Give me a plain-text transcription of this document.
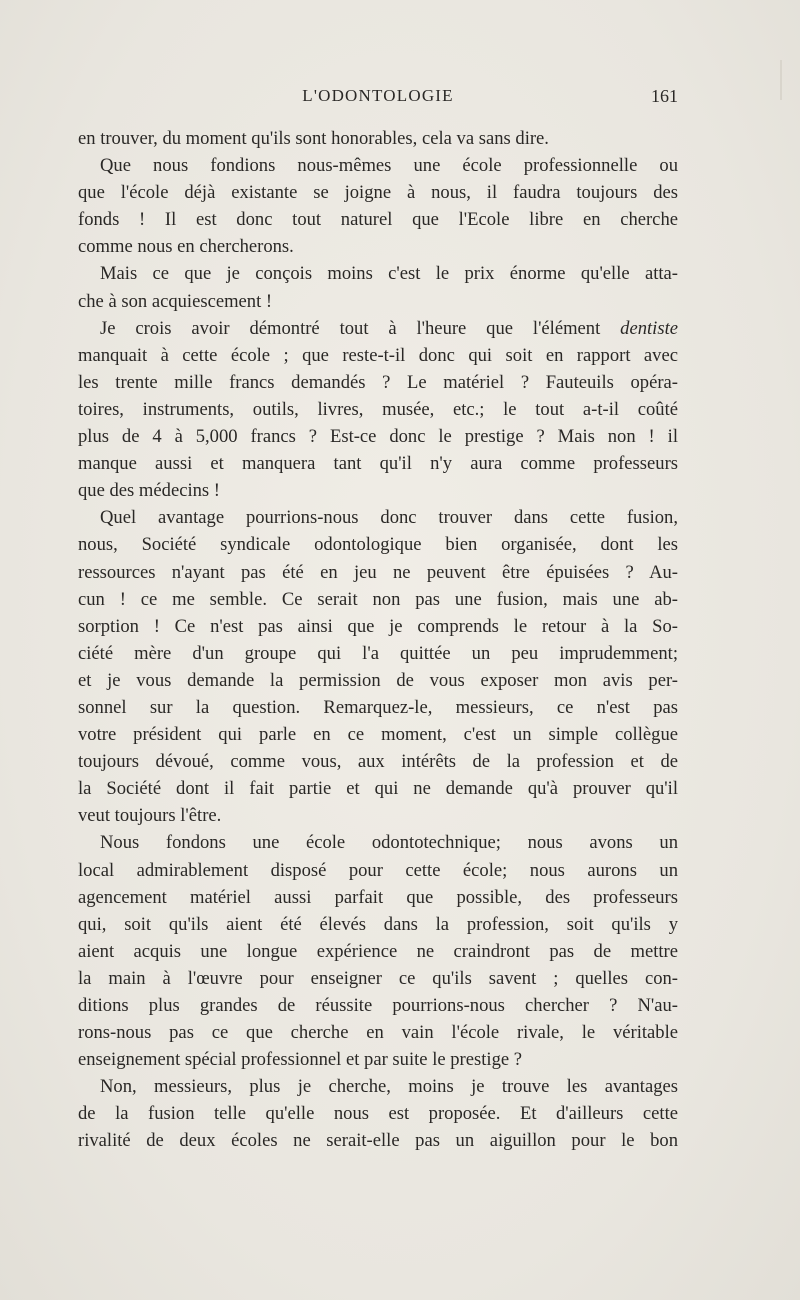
L'ODONTOLOGIE	161
en trouver, du moment qu'ils sont honorables, cela va sans dire.
Que nous fondions nous-mêmes une école professionnelle ou
que l'école déjà existante se joigne à nous, il faudra toujours des
fonds ! Il est donc tout naturel que l'Ecole libre en cherche
comme nous en chercherons.
Mais ce que je conçois moins c'est le prix énorme qu'elle atta-
che à son acquiescement !
Je crois avoir démontré tout à l'heure que l'élément dentiste
manquait à cette école ; que reste-t-il donc qui soit en rapport avec
les trente mille francs demandés ? Le matériel ? Fauteuils opéra-
toires, instruments, outils, livres, musée, etc.; le tout a-t-il coûté
plus de 4 à 5,000 francs ? Est-ce donc le prestige ? Mais non ! il
manque aussi et manquera tant qu'il n'y aura comme professeurs
que des médecins !
Quel avantage pourrions-nous donc trouver dans cette fusion,
nous, Société syndicale odontologique bien organisée, dont les
ressources n'ayant pas été en jeu ne peuvent être épuisées ? Au-
cun ! ce me semble. Ce serait non pas une fusion, mais une ab-
sorption ! Ce n'est pas ainsi que je comprends le retour à la So-
ciété mère d'un groupe qui l'a quittée un peu imprudemment;
et je vous demande la permission de vous exposer mon avis per-
sonnel sur la question. Remarquez-le, messieurs, ce n'est pas
votre président qui parle en ce moment, c'est un simple collègue
toujours dévoué, comme vous, aux intérêts de la profession et de
la Société dont il fait partie et qui ne demande qu'à prouver qu'il
veut toujours l'être.
Nous fondons une école odontotechnique; nous avons un
local admirablement disposé pour cette école; nous aurons un
agencement matériel aussi parfait que possible, des professeurs
qui, soit qu'ils aient été élevés dans la profession, soit qu'ils y
aient acquis une longue expérience ne craindront pas de mettre
la main à l'œuvre pour enseigner ce qu'ils savent ; quelles con-
ditions plus grandes de réussite pourrions-nous chercher ? N'au-
rons-nous pas ce que cherche en vain l'école rivale, le véritable
enseignement spécial professionnel et par suite le prestige ?
Non, messieurs, plus je cherche, moins je trouve les avantages
de la fusion telle qu'elle nous est proposée. Et d'ailleurs cette
rivalité de deux écoles ne serait-elle pas un aiguillon pour le bon
